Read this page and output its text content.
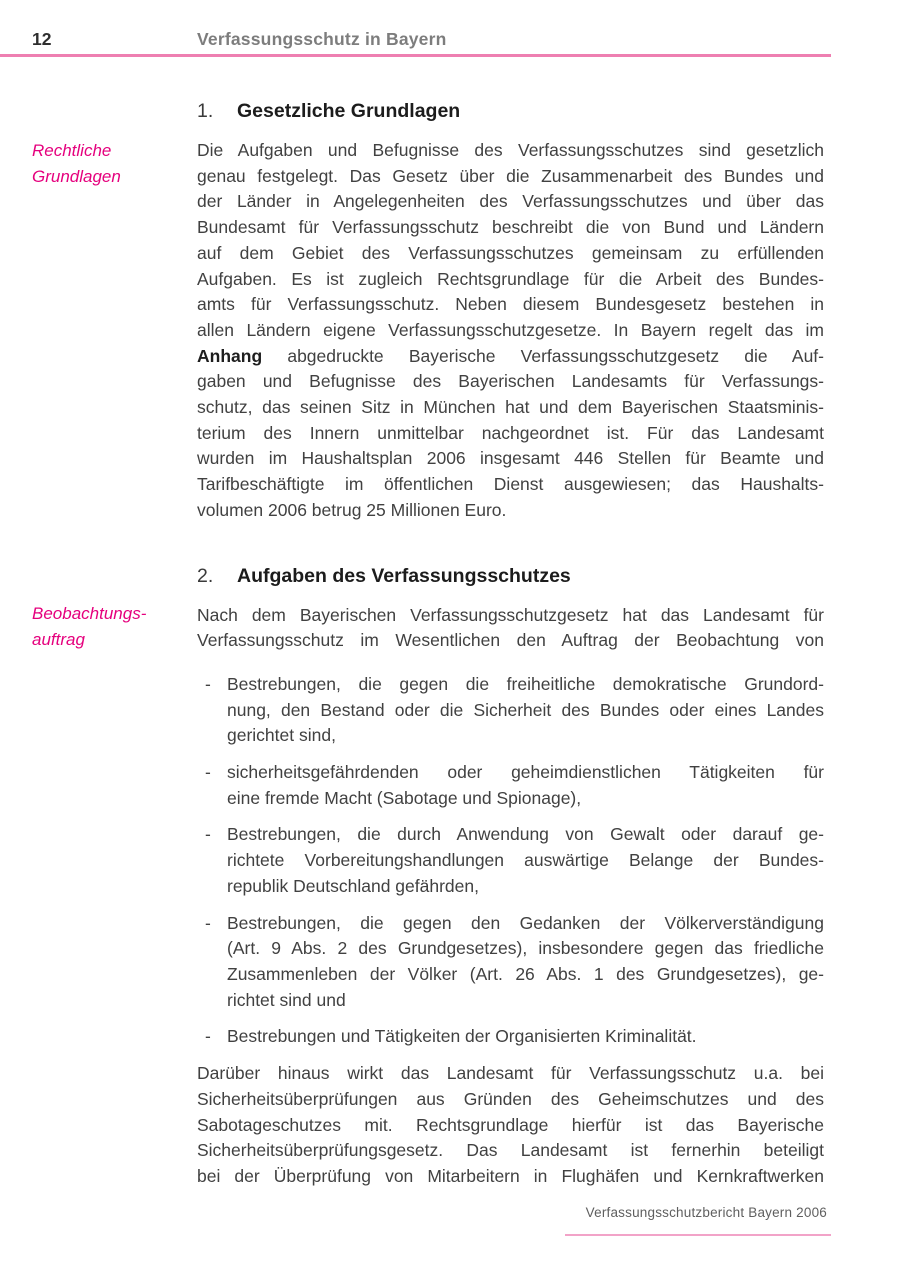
12	Verfassungsschutz in Bayern
Rechtliche
Grundlagen
Beobachtungs-
auftrag
1.	Gesetzliche Grundlagen
Die Aufgaben und Befugnisse des Verfassungsschutzes sind gesetzlich
genau festgelegt. Das Gesetz über die Zusammenarbeit des Bundes und
der Länder in Angelegenheiten des Verfassungsschutzes und über das
Bundesamt für Verfassungsschutz beschreibt die von Bund und Ländern
auf dem Gebiet des Verfassungsschutzes gemeinsam zu erfüllenden
Aufgaben. Es ist zugleich Rechtsgrundlage für die Arbeit des Bundes-
amts für Verfassungsschutz. Neben diesem Bundesgesetz bestehen in
allen Ländern eigene Verfassungsschutzgesetze. In Bayern regelt das im
Anhang abgedruckte Bayerische Verfassungsschutzgesetz die Auf-
gaben und Befugnisse des Bayerischen Landesamts für Verfassungs-
schutz, das seinen Sitz in München hat und dem Bayerischen Staatsminis-
terium des Innern unmittelbar nachgeordnet ist. Für das Landesamt
wurden im Haushaltsplan 2006 insgesamt 446 Stellen für Beamte und
Tarifbeschäftigte im öffentlichen Dienst ausgewiesen; das Haushalts-
volumen 2006 betrug 25 Millionen Euro.
2.	Aufgaben des Verfassungsschutzes
Nach dem Bayerischen Verfassungsschutzgesetz hat das Landesamt für
Verfassungsschutz im Wesentlichen den Auftrag der Beobachtung von
- Bestrebungen, die gegen die freiheitliche demokratische Grundord-
nung, den Bestand oder die Sicherheit des Bundes oder eines Landes
gerichtet sind,
- sicherheitsgefährdenden oder geheimdienstlichen Tätigkeiten für
eine fremde Macht (Sabotage und Spionage),
- Bestrebungen, die durch Anwendung von Gewalt oder darauf ge-
richtete Vorbereitungshandlungen auswärtige Belange der Bundes-
republik Deutschland gefährden,
- Bestrebungen, die gegen den Gedanken der Völkerverständigung
(Art. 9 Abs. 2 des Grundgesetzes), insbesondere gegen das friedliche
Zusammenleben der Völker (Art. 26 Abs. 1 des Grundgesetzes), ge-
richtet sind und
- Bestrebungen und Tätigkeiten der Organisierten Kriminalität.
Darüber hinaus wirkt das Landesamt für Verfassungsschutz u.a. bei
Sicherheitsüberprüfungen aus Gründen des Geheimschutzes und des
Sabotageschutzes mit. Rechtsgrundlage hierfür ist das Bayerische
Sicherheitsüberprüfungsgesetz. Das Landesamt ist fernerhin beteiligt
bei der Überprüfung von Mitarbeitern in Flughäfen und Kernkraftwerken
Verfassungsschutzbericht Bayern 2006
